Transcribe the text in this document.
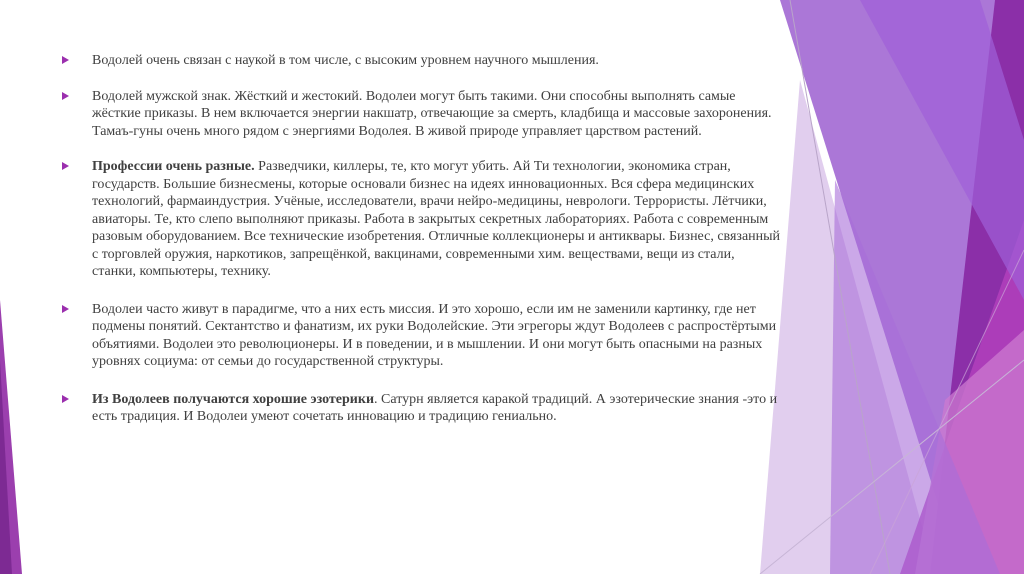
Водолей очень связан с наукой в том числе, с высоким уровнем научного мышления.
Водолей мужской знак. Жёсткий и жестокий. Водолеи могут быть такими. Они способны выполнять самые жёсткие приказы. В нем включается энергии накшатр, отвечающие за смерть, кладбища и массовые захоронения. Тамаъ-гуны очень много рядом с энергиями Водолея. В живой природе управляет царством растений.
Профессии очень разные. Разведчики, киллеры, те, кто могут убить. Ай Ти технологии, экономика стран, государств. Большие бизнесмены, которые основали бизнес на идеях инновационных. Вся сфера медицинских технологий, фармаиндустрия. Учёные, исследователи, врачи нейро-медицины, неврологи. Террористы. Лётчики, авиаторы. Те, кто слепо выполняют приказы. Работа в закрытых секретных лабораториях. Работа с современным разовым оборудованием. Все технические изобретения. Отличные коллекционеры и антиквары. Бизнес, связанный с торговлей оружия, наркотиков, запрещёнкой, вакцинами, современными хим. веществами, вещи из стали, станки, компьютеры, технику.
Водолеи часто живут в парадигме, что а них есть миссия. И это хорошо, если им не заменили картинку, где нет подмены понятий. Сектантство и фанатизм, их руки Водолейские. Эти эгрегоры ждут Водолеев с распростёртыми объятиями. Водолеи это революционеры. И в поведении, и в мышлении. И они могут быть опасными на разных уровнях социума: от семьи до государственной структуры.
Из Водолеев получаются хорошие эзотерики. Сатурн является каракой традиций. А эзотерические знания -это и есть традиция. И Водолеи умеют сочетать инновацию и традицию гениально.
